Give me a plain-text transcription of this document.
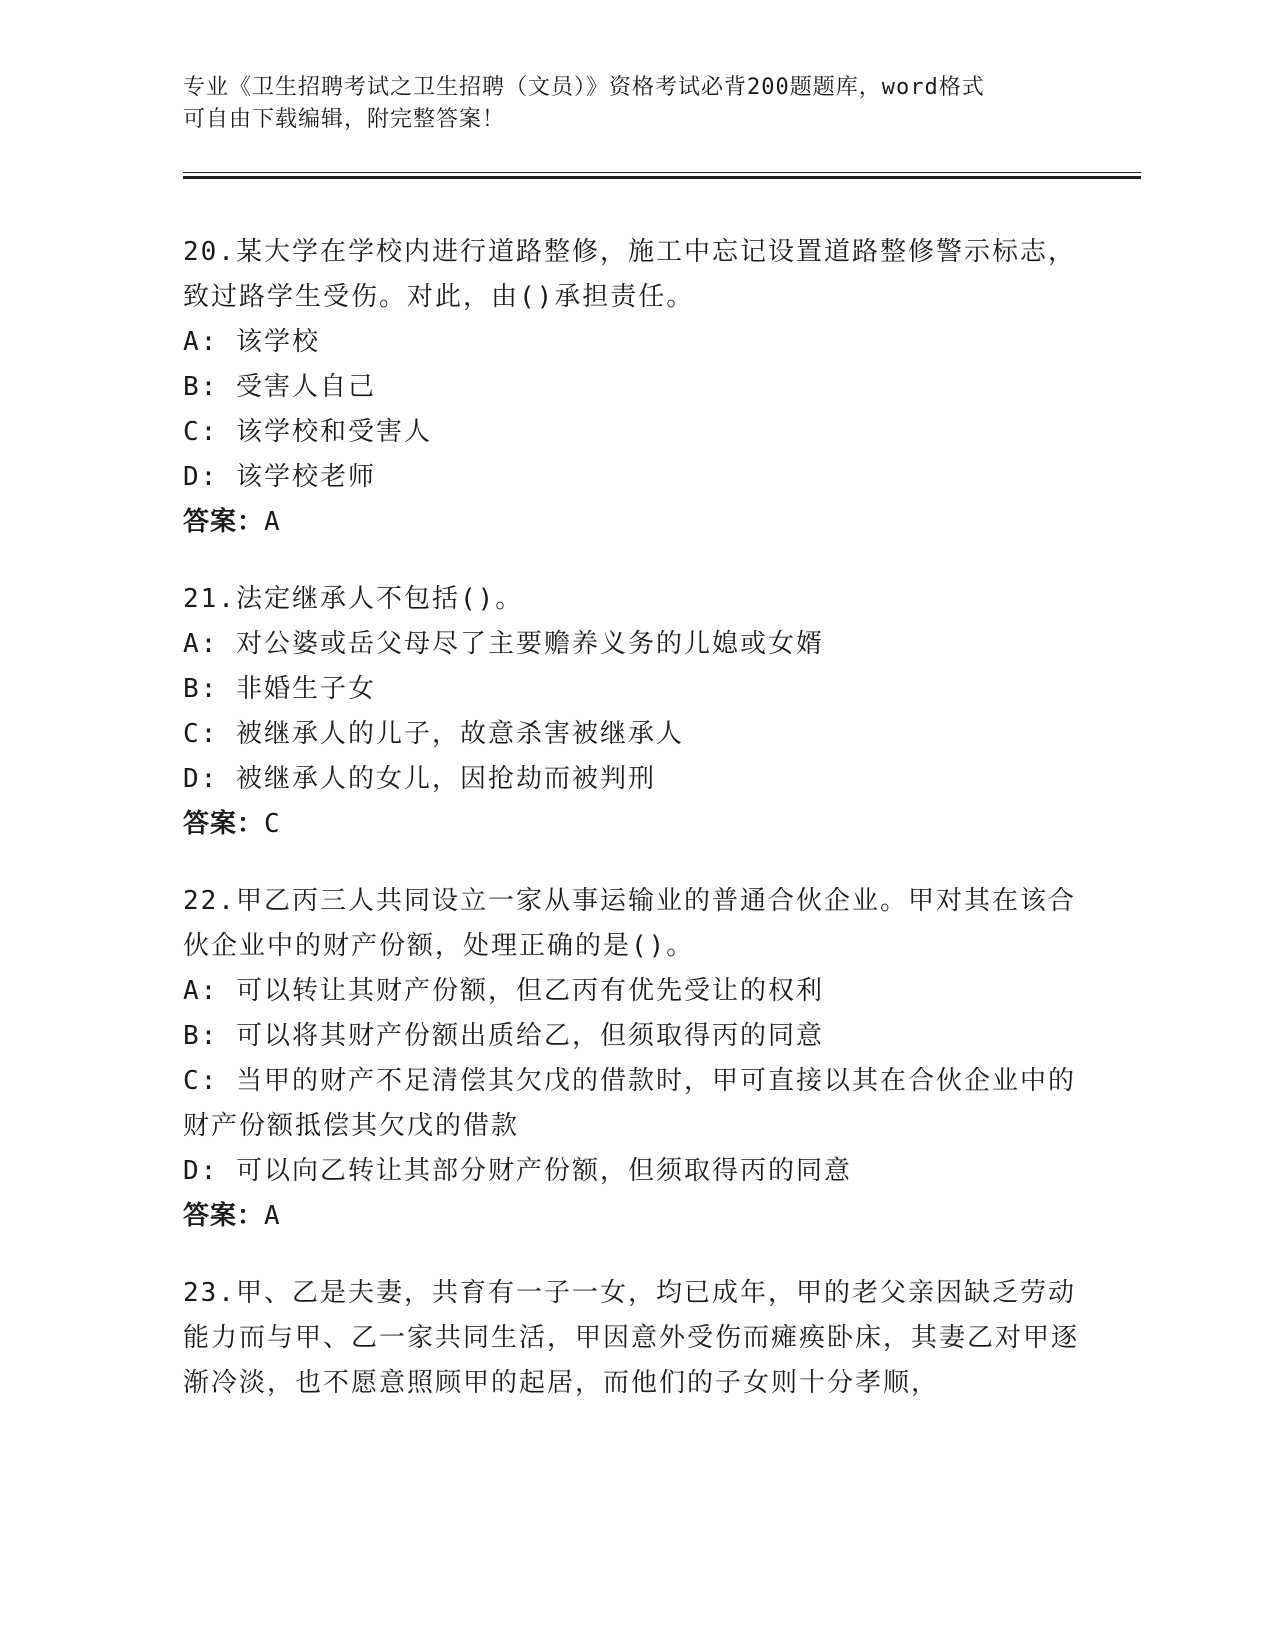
专业《卫生招聘考试之卫生招聘（文员）》资格考试必背200题题库，word格式
可自由下载编辑，附完整答案！
20.某大学在学校内进行道路整修，施工中忘记设置道路整修警示标志，致过路学生受伤。对此，由()承担责任。
A: 该学校
B: 受害人自己
C: 该学校和受害人
D: 该学校老师
答案：A
21.法定继承人不包括()。
A: 对公婆或岳父母尽了主要赡养义务的儿媳或女婿
B: 非婚生子女
C: 被继承人的儿子，故意杀害被继承人
D: 被继承人的女儿，因抢劫而被判刑
答案：C
22.甲乙丙三人共同设立一家从事运输业的普通合伙企业。甲对其在该合伙企业中的财产份额，处理正确的是()。
A: 可以转让其财产份额，但乙丙有优先受让的权利
B: 可以将其财产份额出质给乙，但须取得丙的同意
C: 当甲的财产不足清偿其欠戊的借款时，甲可直接以其在合伙企业中的财产份额抵偿其欠戊的借款
D: 可以向乙转让其部分财产份额，但须取得丙的同意
答案：A
23.甲、乙是夫妻，共育有一子一女，均已成年，甲的老父亲因缺乏劳动能力而与甲、乙一家共同生活，甲因意外受伤而瘫痪卧床，其妻乙对甲逐渐冷淡，也不愿意照顾甲的起居，而他们的子女则十分孝顺，
